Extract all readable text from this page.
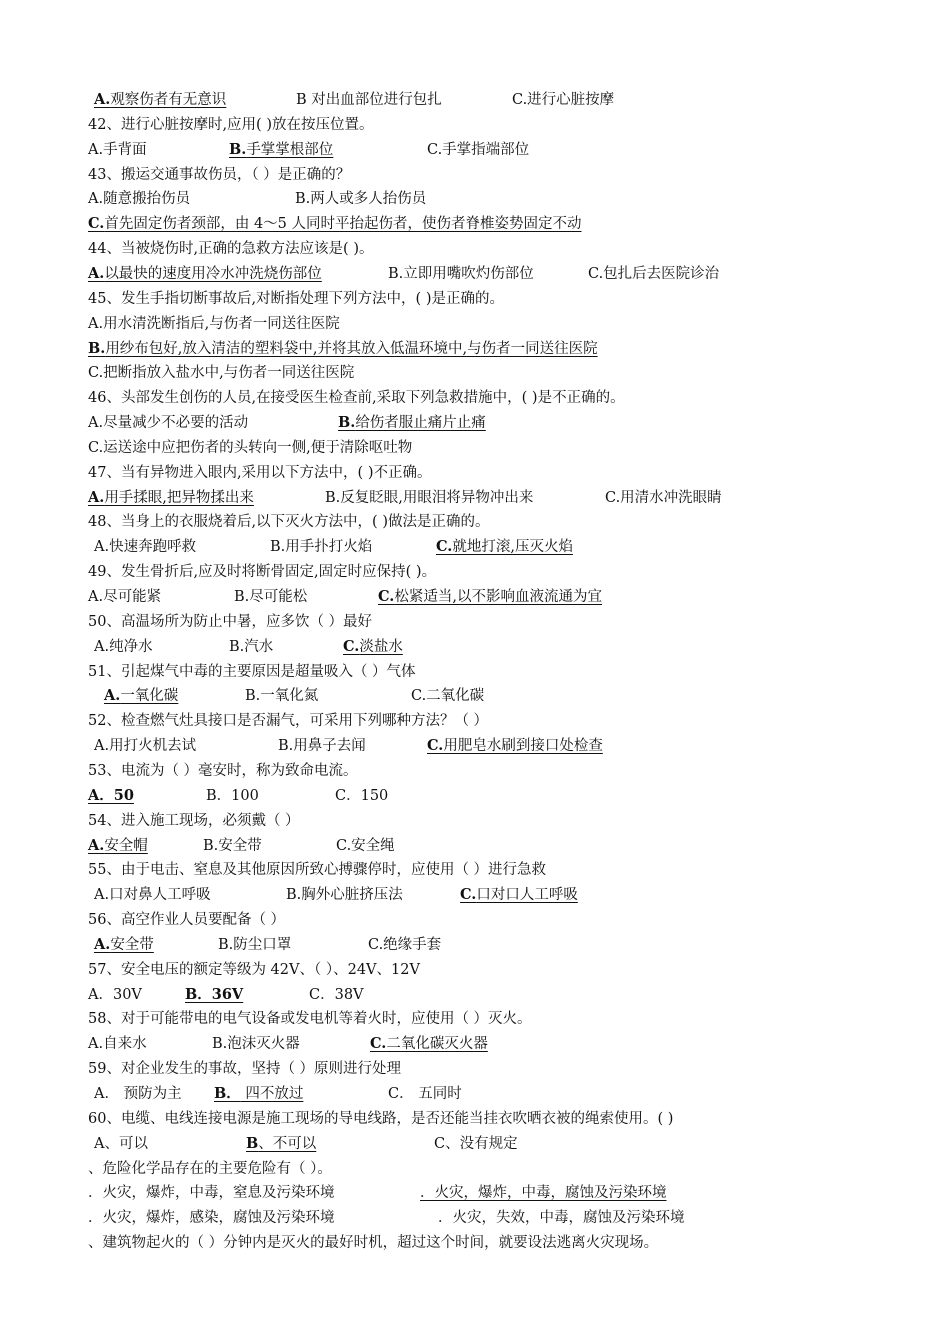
A.观察伤者有无意识	B 对出血部位进行包扎	C.进行心脏按摩
42、进行心脏按摩时,应用( )放在按压位置。
A.手背面	B.手掌掌根部位	C.手掌指端部位
43、搬运交通事故伤员，（ ）是正确的？
A.随意搬抬伤员	B.两人或多人抬伤员
C.首先固定伤者颈部，由 4～5 人同时平抬起伤者，使伤者脊椎姿势固定不动
44、当被烧伤时,正确的急救方法应该是( )。
A.以最快的速度用冷水冲洗烧伤部位	B.立即用嘴吹灼伤部位	C.包扎后去医院诊治
45、发生手指切断事故后,对断指处理下列方法中，( )是正确的。
A.用水清洗断指后,与伤者一同送往医院
B.用纱布包好,放入清洁的塑料袋中,并将其放入低温环境中,与伤者一同送往医院
C.把断指放入盐水中,与伤者一同送往医院
46、头部发生创伤的人员,在接受医生检查前,采取下列急救措施中，( )是不正确的。
A.尽量减少不必要的活动	B.给伤者服止痛片止痛
C.运送途中应把伤者的头转向一侧,便于清除呕吐物
47、当有异物进入眼内,采用以下方法中，( )不正确。
A.用手揉眼,把异物揉出来	B.反复眨眼,用眼泪将异物冲出来	C.用清水冲洗眼睛
48、当身上的衣服烧着后,以下灭火方法中，( )做法是正确的。
A.快速奔跑呼救	B.用手扑打火焰	C.就地打滚,压灭火焰
49、发生骨折后,应及时将断骨固定,固定时应保持( )。
A.尽可能紧	B.尽可能松	C.松紧适当,以不影响血液流通为宜
50、高温场所为防止中暑，应多饮（ ）最好
A.纯净水	B.汽水	C.淡盐水
51、引起煤气中毒的主要原因是超量吸入（ ）气体
A.一氧化碳	B.一氧化氮	C.二氧化碳
52、检查燃气灶具接口是否漏气，可采用下列哪种方法？（ ）
A.用打火机去试	B.用鼻子去闻	C.用肥皂水刷到接口处检查
53、电流为（ ）毫安时，称为致命电流。
A．50	B．100	C．150
54、进入施工现场，必须戴（ ）
A.安全帽	B.安全带	C.安全绳
55、由于电击、窒息及其他原因所致心搏骤停时，应使用（ ）进行急救
A.口对鼻人工呼吸	B.胸外心脏挤压法	C.口对口人工呼吸
56、高空作业人员要配备（ ）
A.安全带	B.防尘口罩	C.绝缘手套
57、安全电压的额定等级为 42V、（ ）、24V、12V
A．30V	B．36V	C．38V
58、对于可能带电的电气设备或发电机等着火时，应使用（ ）灭火。
A.自来水	B.泡沫灭火器	C.二氧化碳灭火器
59、对企业发生的事故，坚持（ ）原则进行处理
A． 预防为主 B． 四不放过	C． 五同时
60、电缆、电线连接电源是施工现场的导电线路，是否还能当挂衣吹晒衣被的绳索使用。( )
A、可以	B、不可以	C、没有规定
、危险化学品存在的主要危险有（ ）。
．火灾，爆炸，中毒，窒息及污染环境	．火灾，爆炸，中毒，腐蚀及污染环境
．火灾，爆炸，感染，腐蚀及污染环境	．火灾，失效，中毒，腐蚀及污染环境
、建筑物起火的（ ）分钟内是灭火的最好时机，超过这个时间，就要设法逃离火灾现场。
